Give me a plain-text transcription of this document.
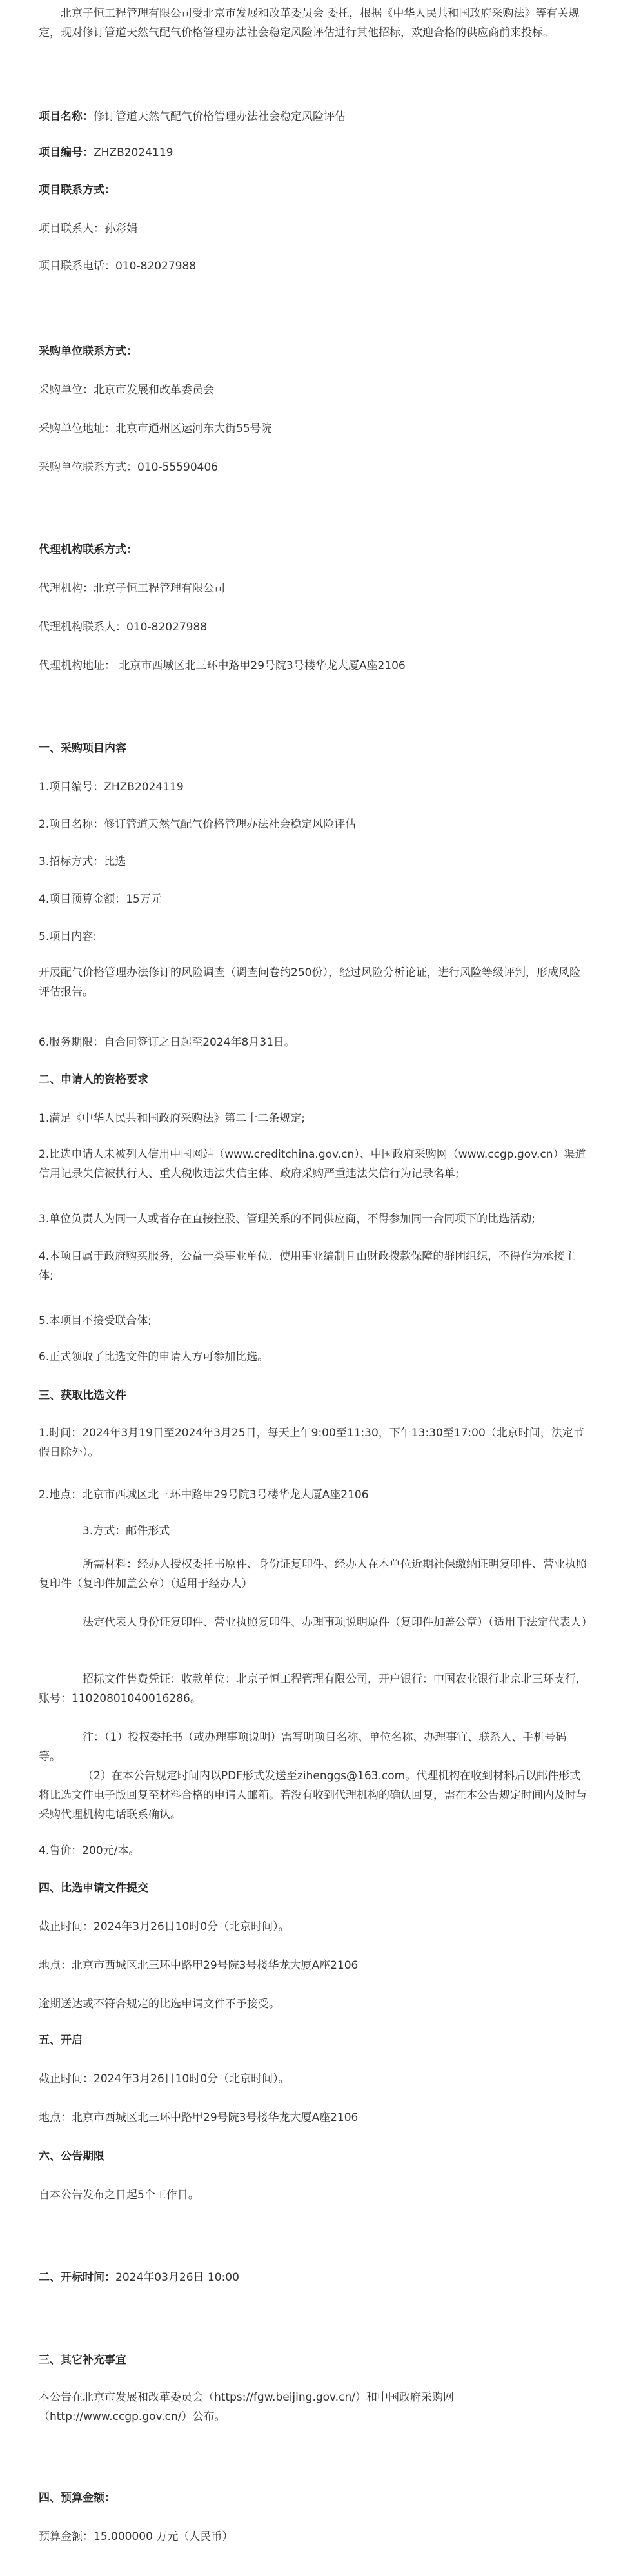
北京子恒工程管理有限公司受北京市发展和改革委员会 委托，根据《中华人民共和国政府采购法》等有关规定，现对修订管道天然气配气价格管理办法社会稳定风险评估进行其他招标，欢迎合格的供应商前来投标。

项目名称：修订管道天然气配气价格管理办法社会稳定风险评估

项目编号：ZHZB2024119

项目联系方式：

项目联系人：孙彩娟

项目联系电话：010-82027988

采购单位联系方式：

采购单位：北京市发展和改革委员会

采购单位地址：北京市通州区运河东大街55号院

采购单位联系方式：010-55590406

代理机构联系方式：

代理机构：北京子恒工程管理有限公司

代理机构联系人：010-82027988

代理机构地址： 北京市西城区北三环中路甲29号院3号楼华龙大厦A座2106

一、采购项目内容

1.项目编号：ZHZB2024119

2.项目名称：修订管道天然气配气价格管理办法社会稳定风险评估

3.招标方式：比选

4.项目预算金额：15万元

5.项目内容:

开展配气价格管理办法修订的风险调查（调查问卷约250份），经过风险分析论证，进行风险等级评判，形成风险评估报告。

6.服务期限：自合同签订之日起至2024年8月31日。

二、申请人的资格要求

1.满足《中华人民共和国政府采购法》第二十二条规定;

2.比选申请人未被列入信用中国网站（www.creditchina.gov.cn）、中国政府采购网（www.ccgp.gov.cn）渠道信用记录失信被执行人、重大税收违法失信主体、政府采购严重违法失信行为记录名单;

3.单位负责人为同一人或者存在直接控股、管理关系的不同供应商，不得参加同一合同项下的比选活动;

4.本项目属于政府购买服务，公益一类事业单位、使用事业编制且由财政拨款保障的群团组织，不得作为承接主体;

5.本项目不接受联合体;

6.正式领取了比选文件的申请人方可参加比选。

三、获取比选文件

1.时间：2024年3月19日至2024年3月25日，每天上午9:00至11:30，下午13:30至17:00（北京时间，法定节假日除外）。

2.地点：北京市西城区北三环中路甲29号院3号楼华龙大厦A座2106

3.方式：邮件形式

所需材料：经办人授权委托书原件、身份证复印件、经办人在本单位近期社保缴纳证明复印件、营业执照复印件（复印件加盖公章）（适用于经办人）

法定代表人身份证复印件、营业执照复印件、办理事项说明原件（复印件加盖公章）（适用于法定代表人）

招标文件售费凭证：收款单位：北京子恒工程管理有限公司，开户银行：中国农业银行北京北三环支行，账号：11020801040016286。

注：（1）授权委托书（或办理事项说明）需写明项目名称、单位名称、办理事宜、联系人、手机号码等。

（2）在本公告规定时间内以PDF形式发送至zihenggs@163.com。代理机构在收到材料后以邮件形式将比选文件电子版回复至材料合格的申请人邮箱。若没有收到代理机构的确认回复，需在本公告规定时间内及时与采购代理机构电话联系确认。

4.售价：200元/本。

四、比选申请文件提交

截止时间：2024年3月26日10时0分（北京时间）。

地点：北京市西城区北三环中路甲29号院3号楼华龙大厦A座2106

逾期送达或不符合规定的比选申请文件不予接受。

五、开启

截止时间：2024年3月26日10时0分（北京时间）。

地点：北京市西城区北三环中路甲29号院3号楼华龙大厦A座2106

六、公告期限

自本公告发布之日起5个工作日。

二、开标时间：2024年03月26日 10:00

三、其它补充事宜

本公告在北京市发展和改革委员会（https://fgw.beijing.gov.cn/）和中国政府采购网（http://www.ccgp.gov.cn/）公布。

四、预算金额：

预算金额：15.000000 万元（人民币）
